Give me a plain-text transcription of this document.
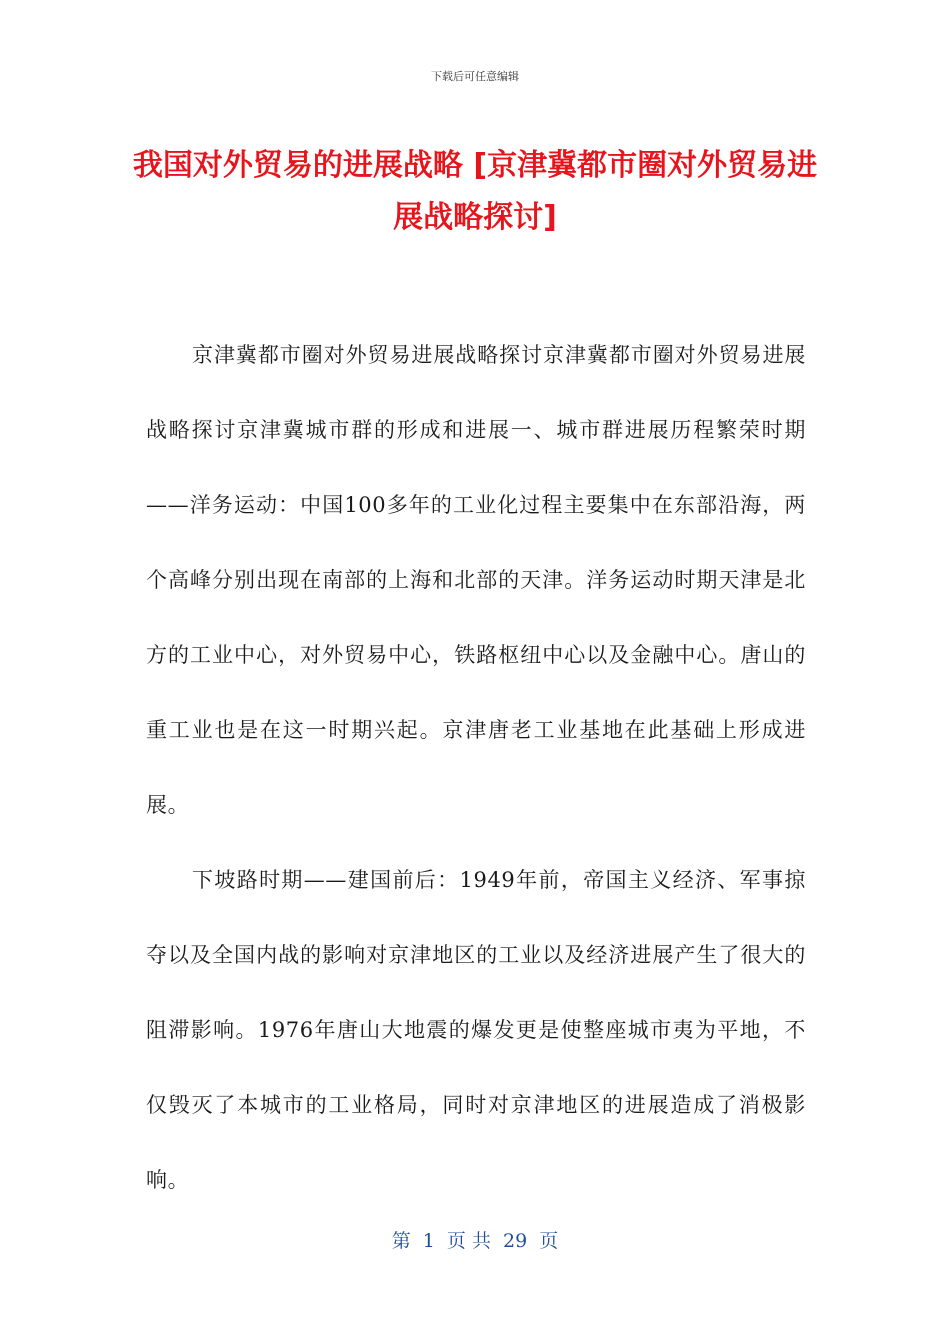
下载后可任意编辑
我国对外贸易的进展战略 [京津冀都市圈对外贸易进展战略探讨]

京津冀都市圈对外贸易进展战略探讨京津冀都市圈对外贸易进展战略探讨京津冀城市群的形成和进展一、城市群进展历程繁荣时期——洋务运动：中国100多年的工业化过程主要集中在东部沿海，两个高峰分别出现在南部的上海和北部的天津。洋务运动时期天津是北方的工业中心，对外贸易中心，铁路枢纽中心以及金融中心。唐山的重工业也是在这一时期兴起。京津唐老工业基地在此基础上形成进展。

下坡路时期——建国前后：1949年前，帝国主义经济、军事掠夺以及全国内战的影响对京津地区的工业以及经济进展产生了很大的阻滞影响。1976年唐山大地震的爆发更是使整座城市夷为平地，不仅毁灭了本城市的工业格局，同时对京津地区的进展造成了消极影响。

第  1  页 共  29  页
